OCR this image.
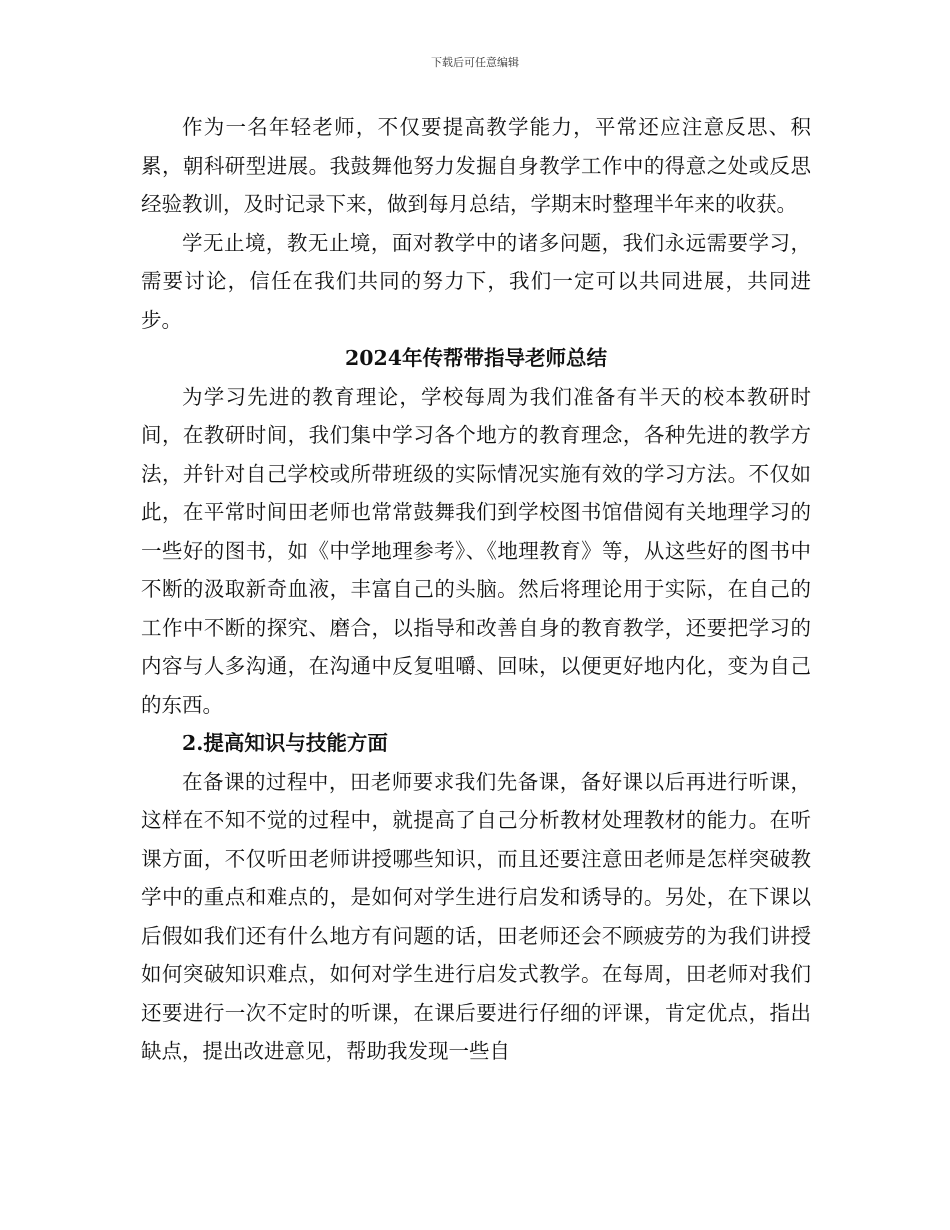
下载后可任意编辑

作为一名年轻老师，不仅要提高教学能力，平常还应注意反思、积累，朝科研型进展。我鼓舞他努力发掘自身教学工作中的得意之处或反思经验教训，及时记录下来，做到每月总结，学期末时整理半年来的收获。

学无止境，教无止境，面对教学中的诸多问题，我们永远需要学习，需要讨论，信任在我们共同的努力下，我们一定可以共同进展，共同进步。

2024年传帮带指导老师总结

为学习先进的教育理论，学校每周为我们准备有半天的校本教研时间，在教研时间，我们集中学习各个地方的教育理念，各种先进的教学方法，并针对自己学校或所带班级的实际情况实施有效的学习方法。不仅如此，在平常时间田老师也常常鼓舞我们到学校图书馆借阅有关地理学习的一些好的图书，如《中学地理参考》、《地理教育》等，从这些好的图书中不断的汲取新奇血液，丰富自己的头脑。然后将理论用于实际，在自己的工作中不断的探究、磨合，以指导和改善自身的教育教学，还要把学习的内容与人多沟通，在沟通中反复咀嚼、回味，以便更好地内化，变为自己的东西。

2.提高知识与技能方面

在备课的过程中，田老师要求我们先备课，备好课以后再进行听课，这样在不知不觉的过程中，就提高了自己分析教材处理教材的能力。在听课方面，不仅听田老师讲授哪些知识，而且还要注意田老师是怎样突破教学中的重点和难点的，是如何对学生进行启发和诱导的。另处，在下课以后假如我们还有什么地方有问题的话，田老师还会不顾疲劳的为我们讲授如何突破知识难点，如何对学生进行启发式教学。在每周，田老师对我们还要进行一次不定时的听课，在课后要进行仔细的评课，肯定优点，指出缺点，提出改进意见，帮助我发现一些自
